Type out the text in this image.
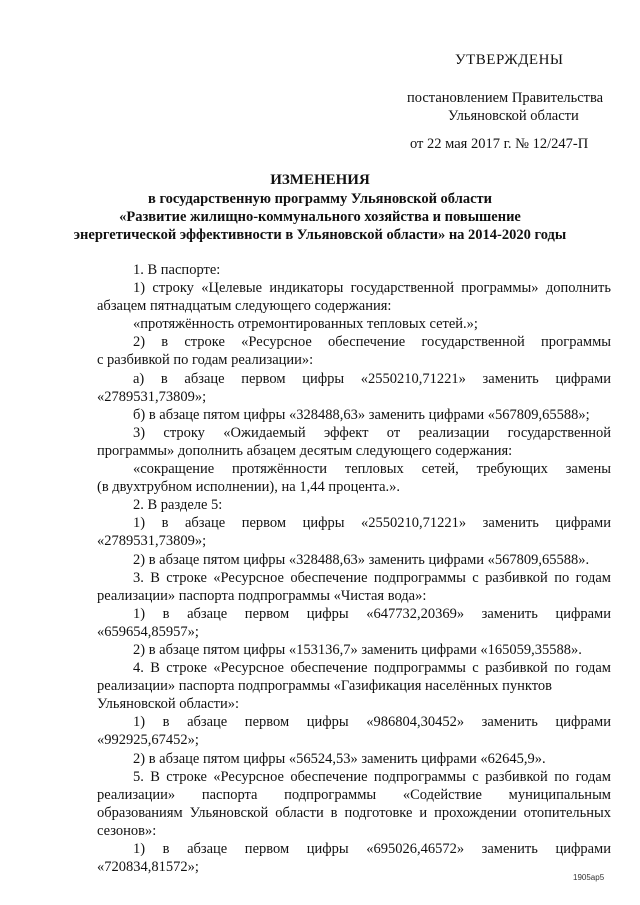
УТВЕРЖДЕНЫ
постановлением Правительства
Ульяновской области
от 22 мая 2017 г. № 12/247-П
ИЗМЕНЕНИЯ
в государственную программу Ульяновской области
«Развитие жилищно-коммунального хозяйства и повышение
энергетической эффективности в Ульяновской области» на 2014-2020 годы
1. В паспорте:
1) строку «Целевые индикаторы государственной программы» дополнить
абзацем пятнадцатым следующего содержания:
«протяжённость отремонтированных тепловых сетей.»;
2) в строке «Ресурсное обеспечение государственной программы
с разбивкой по годам реализации»:
а) в абзаце первом цифры «2550210,71221» заменить цифрами
«2789531,73809»;
б) в абзаце пятом цифры «328488,63» заменить цифрами «567809,65588»;
3) строку «Ожидаемый эффект от реализации государственной
программы» дополнить абзацем десятым следующего содержания:
«сокращение протяжённости тепловых сетей, требующих замены
(в двухтрубном исполнении), на 1,44 процента.».
2. В разделе 5:
1) в абзаце первом цифры «2550210,71221» заменить цифрами
«2789531,73809»;
2) в абзаце пятом цифры «328488,63» заменить цифрами «567809,65588».
3. В строке «Ресурсное обеспечение подпрограммы с разбивкой по годам
реализации» паспорта подпрограммы «Чистая вода»:
1) в абзаце первом цифры «647732,20369» заменить цифрами
«659654,85957»;
2) в абзаце пятом цифры «153136,7» заменить цифрами «165059,35588».
4. В строке «Ресурсное обеспечение подпрограммы с разбивкой по годам
реализации» паспорта подпрограммы «Газификация населённых пунктов
Ульяновской области»:
1) в абзаце первом цифры «986804,30452» заменить цифрами
«992925,67452»;
2) в абзаце пятом цифры «56524,53» заменить цифрами «62645,9».
5. В строке «Ресурсное обеспечение подпрограммы с разбивкой по годам
реализации» паспорта подпрограммы «Содействие муниципальным
образованиям Ульяновской области в подготовке и прохождении отопительных
сезонов»:
1) в абзаце первом цифры «695026,46572» заменить цифрами
«720834,81572»;
1905ар5
